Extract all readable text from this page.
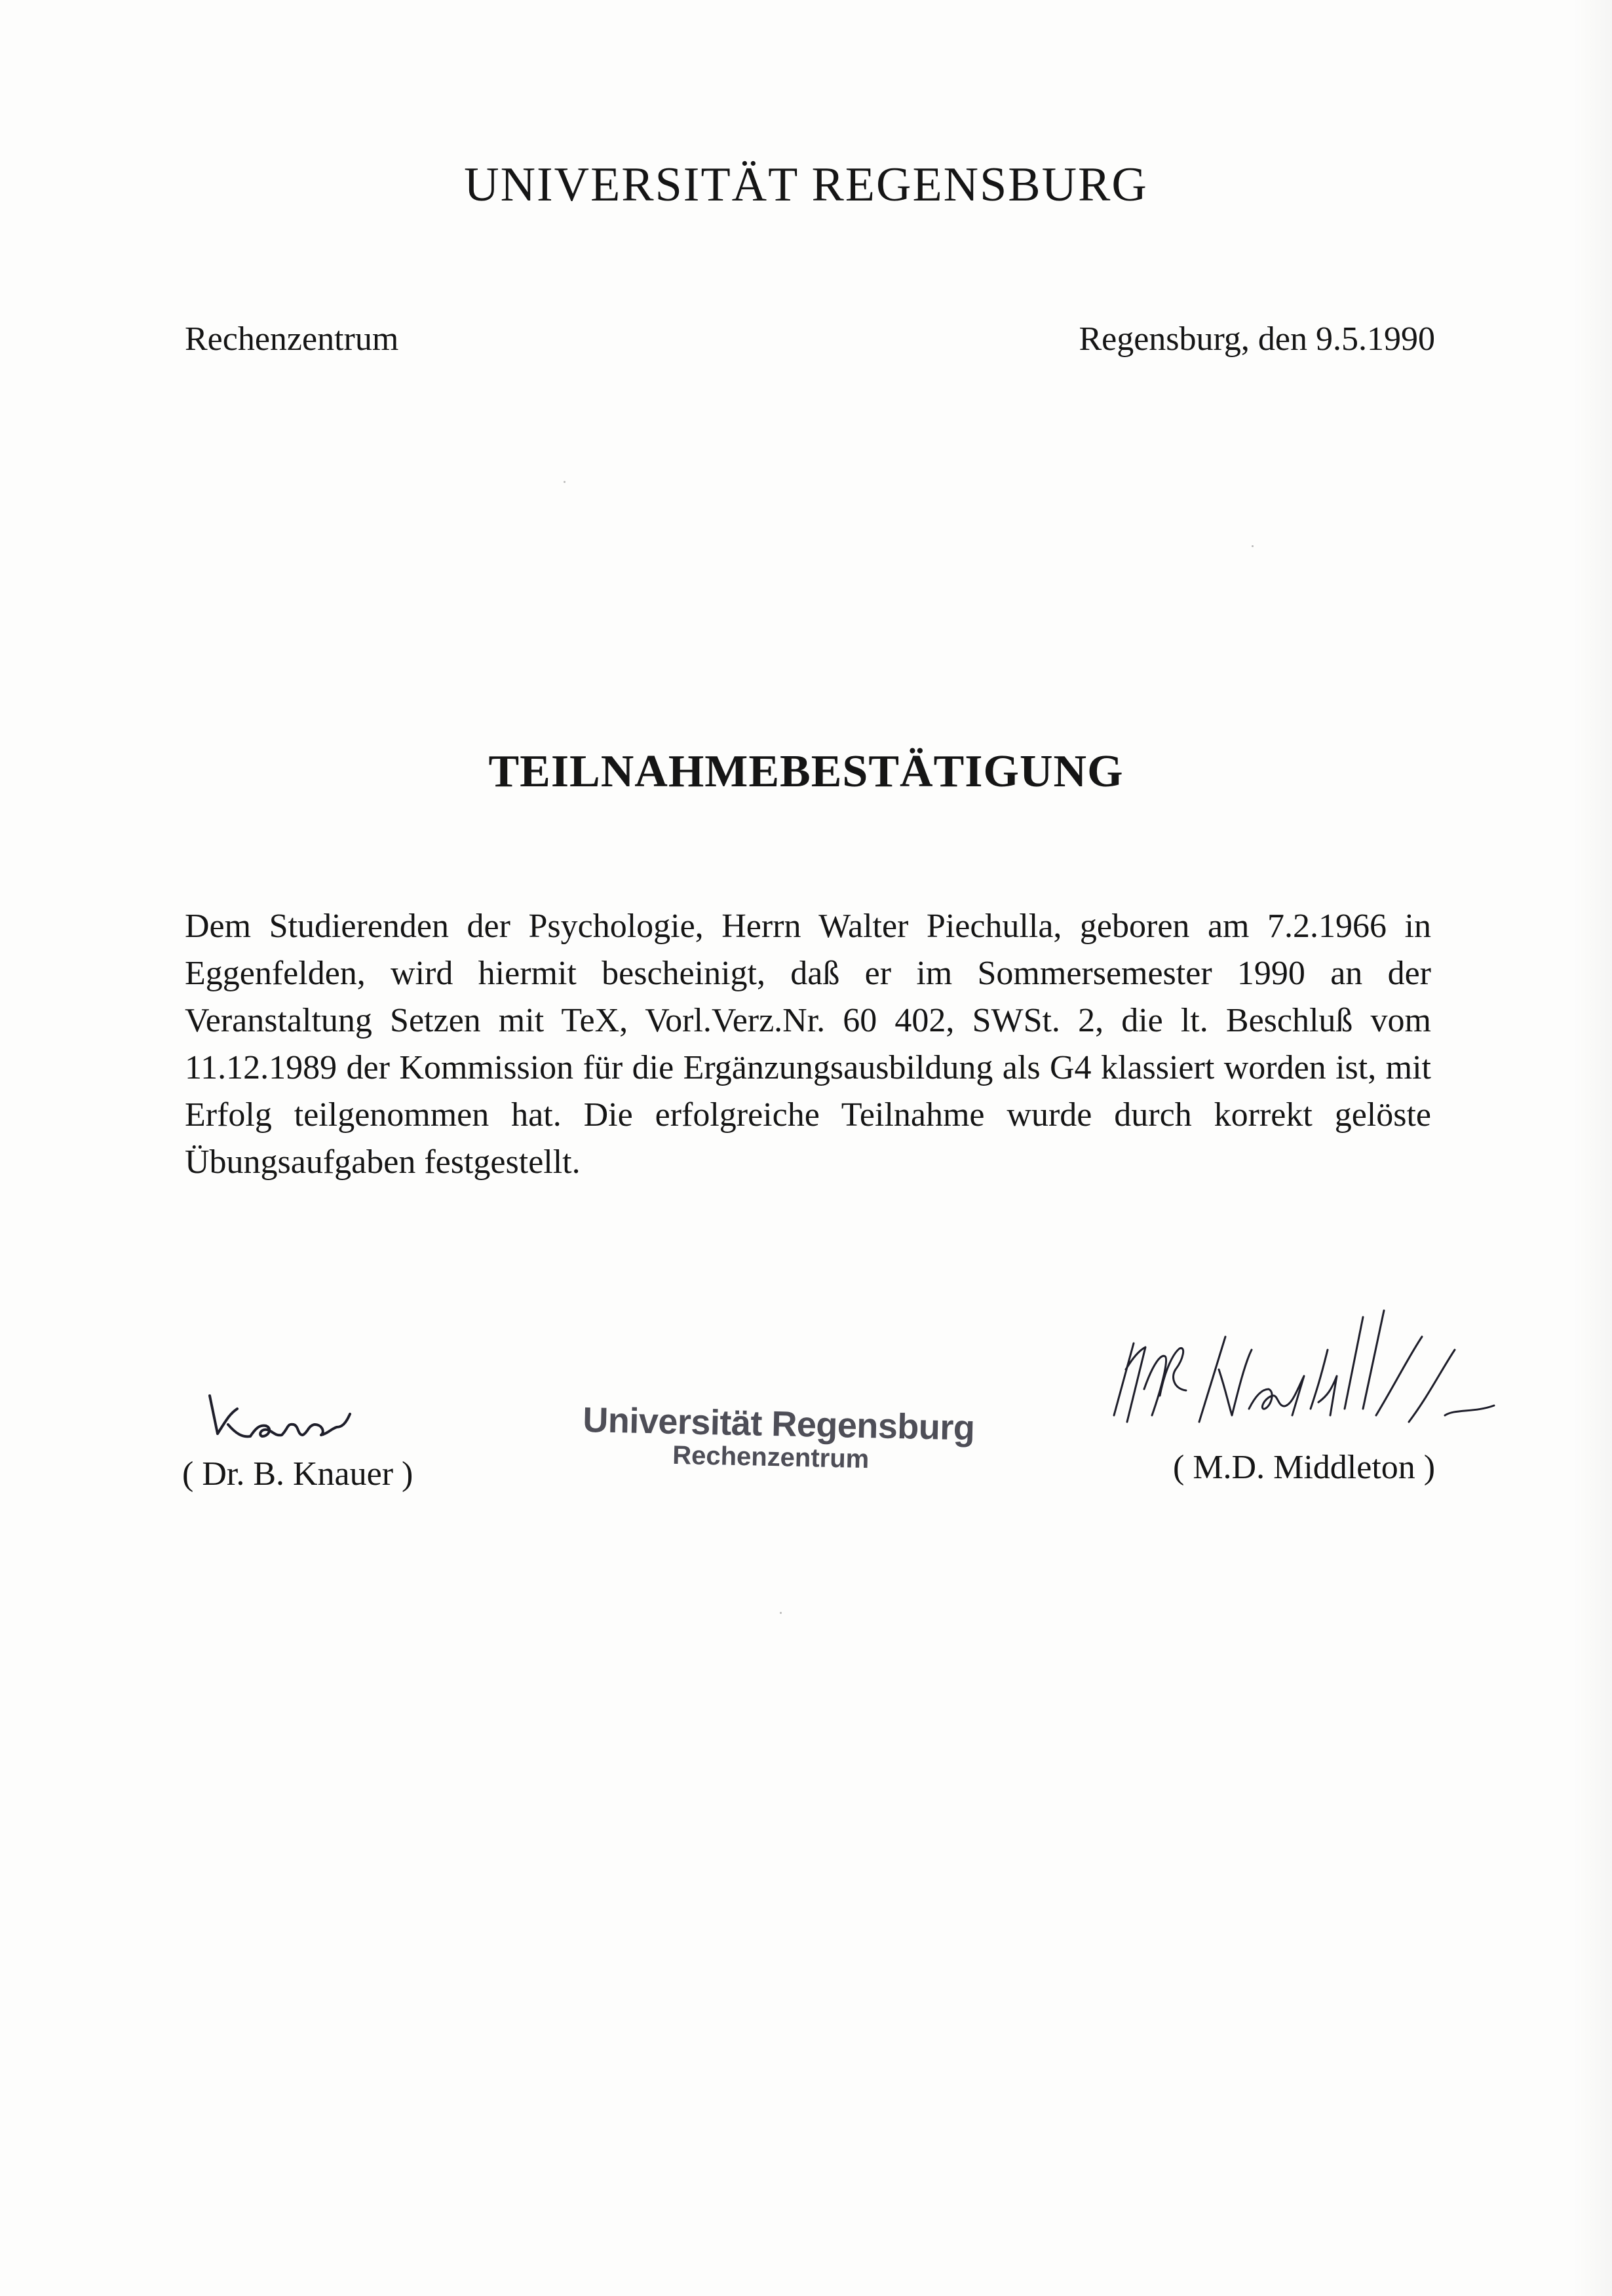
UNIVERSITÄT REGENSBURG

Rechenzentrum	Regensburg, den 9.5.1990

TEILNAHMEBESTÄTIGUNG

Dem Studierenden der Psychologie, Herrn Walter Piechulla, geboren am 7.2.1966 in Eggenfelden, wird hiermit bescheinigt, daß er im Sommersemester 1990 an der Veranstaltung Setzen mit TeX, Vorl.Verz.Nr. 60 402, SWSt. 2, die lt. Beschluß vom 11.12.1989 der Kommission für die Ergänzungsausbildung als G4 klassiert worden ist, mit Erfolg teilgenommen hat. Die erfolgreiche Teilnahme wurde durch korrekt gelöste Übungsaufgaben festgestellt.

( Dr. B. Knauer )
Universität Regensburg
Rechenzentrum	( M.D. Middleton )
